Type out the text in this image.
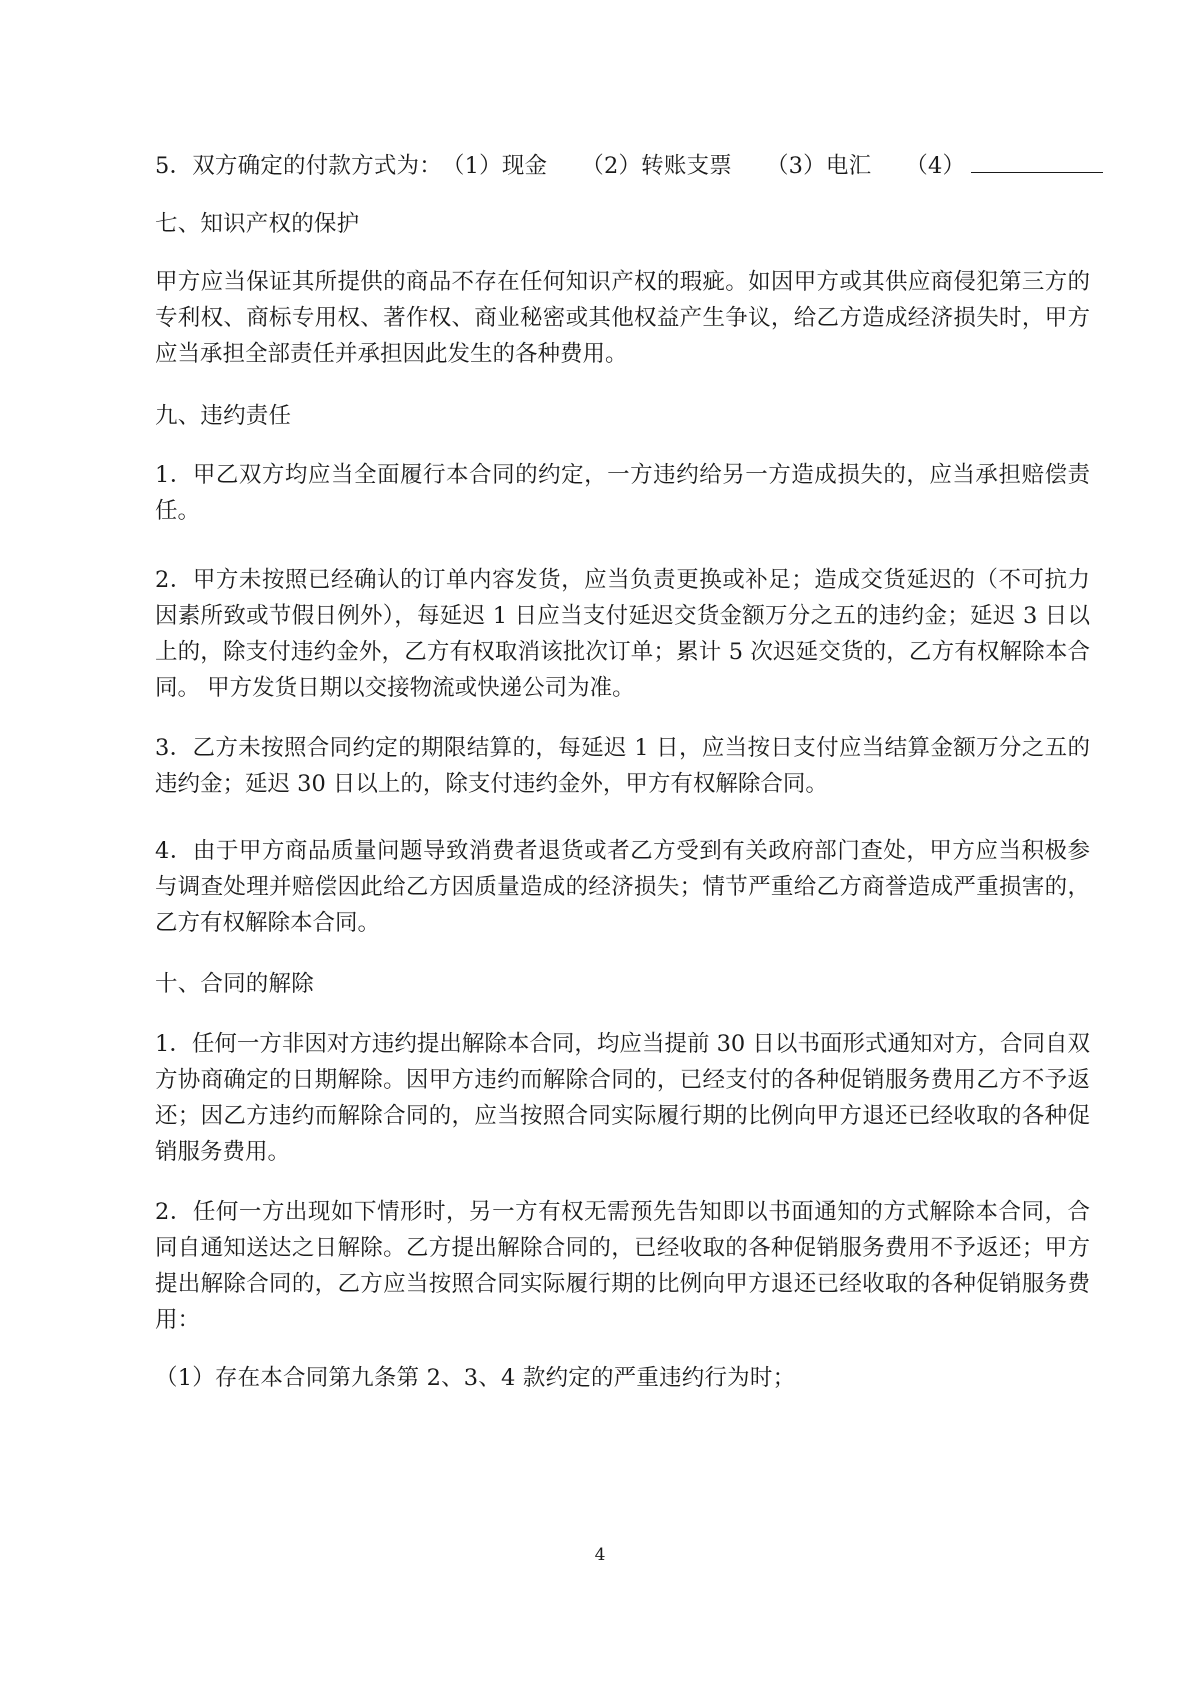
5．双方确定的付款方式为：（1）现金 （2）转账支票 （3）电汇 （4）
七、知识产权的保护

甲方应当保证其所提供的商品不存在任何知识产权的瑕疵。如因甲方或其供应商侵犯第三方的专利权、商标专用权、著作权、商业秘密或其他权益产生争议，给乙方造成经济损失时，甲方应当承担全部责任并承担因此发生的各种费用。

九、违约责任

1．甲乙双方均应当全面履行本合同的约定，一方违约给另一方造成损失的，应当承担赔偿责任。

2．甲方未按照已经确认的订单内容发货，应当负责更换或补足；造成交货延迟的（不可抗力因素所致或节假日例外），每延迟 1 日应当支付延迟交货金额万分之五的违约金；延迟 3 日以上的，除支付违约金外，乙方有权取消该批次订单；累计 5 次迟延交货的，乙方有权解除本合同。 甲方发货日期以交接物流或快递公司为准。

3．乙方未按照合同约定的期限结算的，每延迟 1 日，应当按日支付应当结算金额万分之五的违约金；延迟 30 日以上的，除支付违约金外，甲方有权解除合同。

4．由于甲方商品质量问题导致消费者退货或者乙方受到有关政府部门查处，甲方应当积极参与调查处理并赔偿因此给乙方因质量造成的经济损失；情节严重给乙方商誉造成严重损害的，乙方有权解除本合同。

十、合同的解除

1．任何一方非因对方违约提出解除本合同，均应当提前 30 日以书面形式通知对方，合同自双方协商确定的日期解除。因甲方违约而解除合同的，已经支付的各种促销服务费用乙方不予返还；因乙方违约而解除合同的，应当按照合同实际履行期的比例向甲方退还已经收取的各种促销服务费用。

2．任何一方出现如下情形时，另一方有权无需预先告知即以书面通知的方式解除本合同，合同自通知送达之日解除。乙方提出解除合同的，已经收取的各种促销服务费用不予返还；甲方提出解除合同的，乙方应当按照合同实际履行期的比例向甲方退还已经收取的各种促销服务费用：

（1）存在本合同第九条第 2、3、4 款约定的严重违约行为时；
4
